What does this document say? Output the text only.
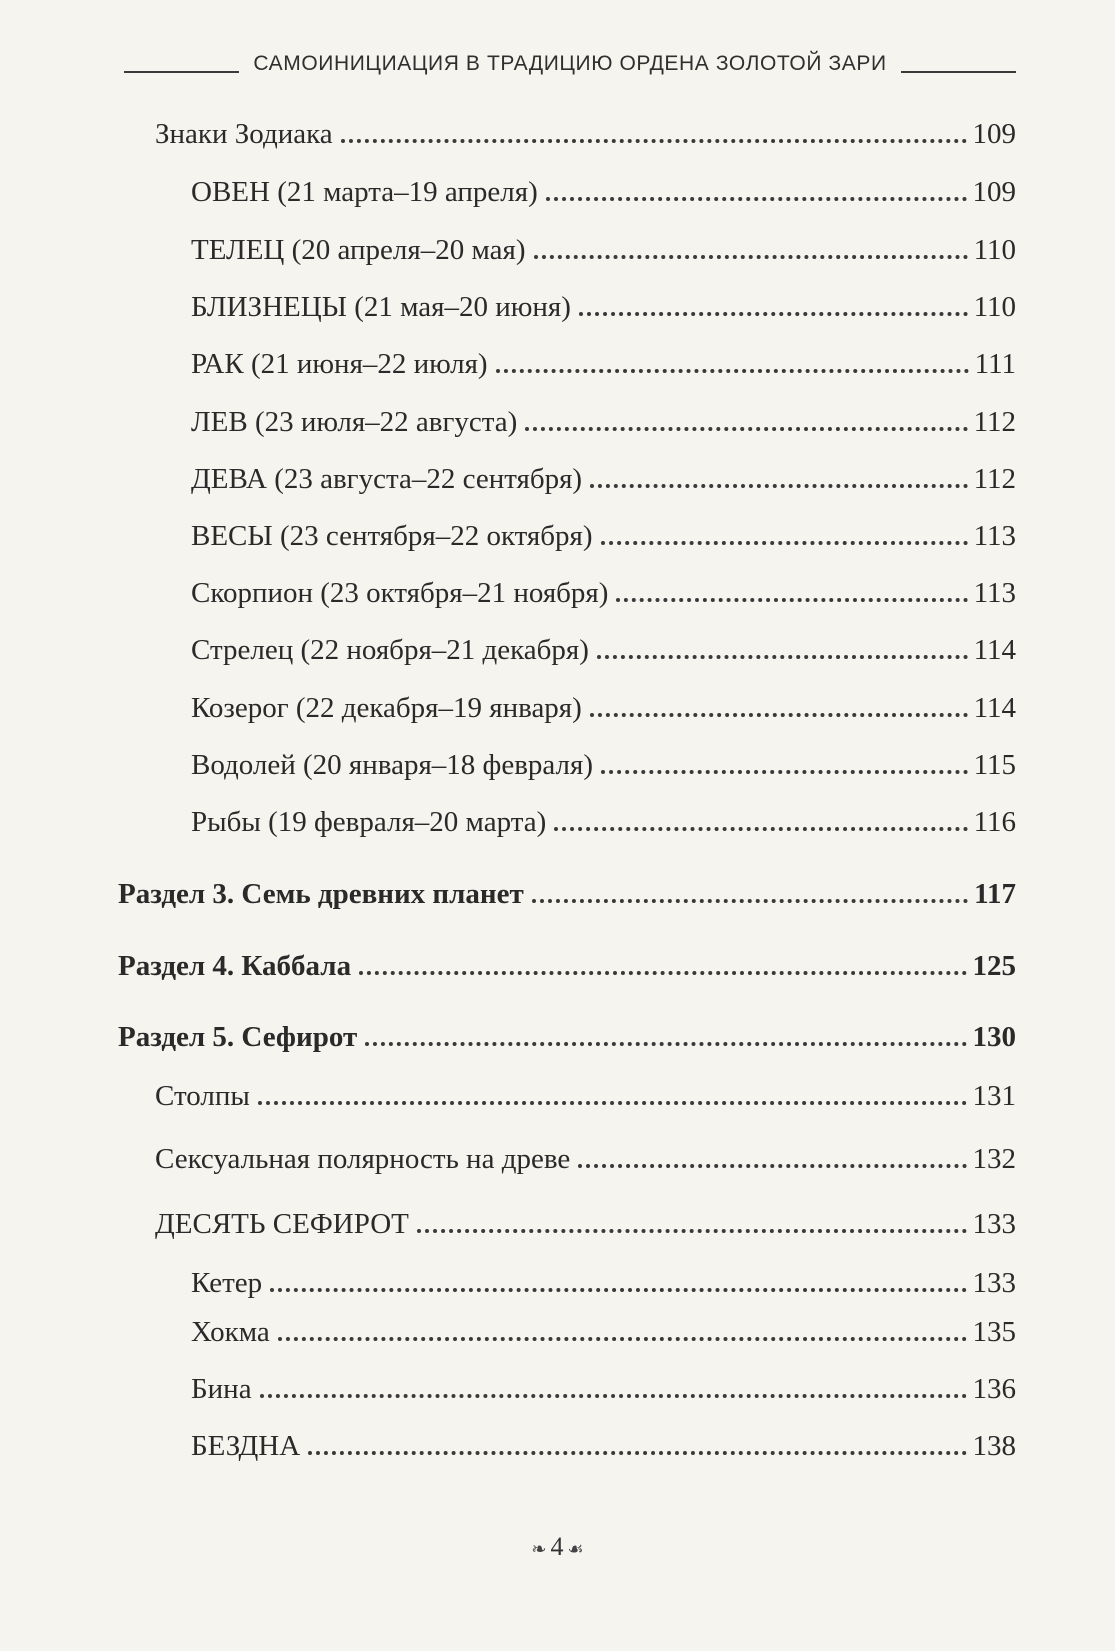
САМОИНИЦИАЦИЯ В ТРАДИЦИЮ ОРДЕНА ЗОЛОТОЙ ЗАРИ
Знаки Зодиака	109
ОВЕН (21 марта–19 апреля)	109
ТЕЛЕЦ (20 апреля–20 мая)	110
БЛИЗНЕЦЫ (21 мая–20 июня)	110
РАК (21 июня–22 июля)	111
ЛЕВ (23 июля–22 августа)	112
ДЕВА (23 августа–22 сентября)	112
ВЕСЫ (23 сентября–22 октября)	113
Скорпион (23 октября–21 ноября)	113
Стрелец (22 ноября–21 декабря)	114
Козерог (22 декабря–19 января)	114
Водолей (20 января–18 февраля)	115
Рыбы (19 февраля–20 марта)	116
Раздел 3. Семь древних планет	117
Раздел 4. Каббала	125
Раздел 5. Сефирот	130
Столпы	131
Сексуальная полярность на древе	132
ДЕСЯТЬ СЕФИРОТ	133
Кетер	133
Хокма	135
Бина	136
БЕЗДНА	138
❧ 4 ☙
